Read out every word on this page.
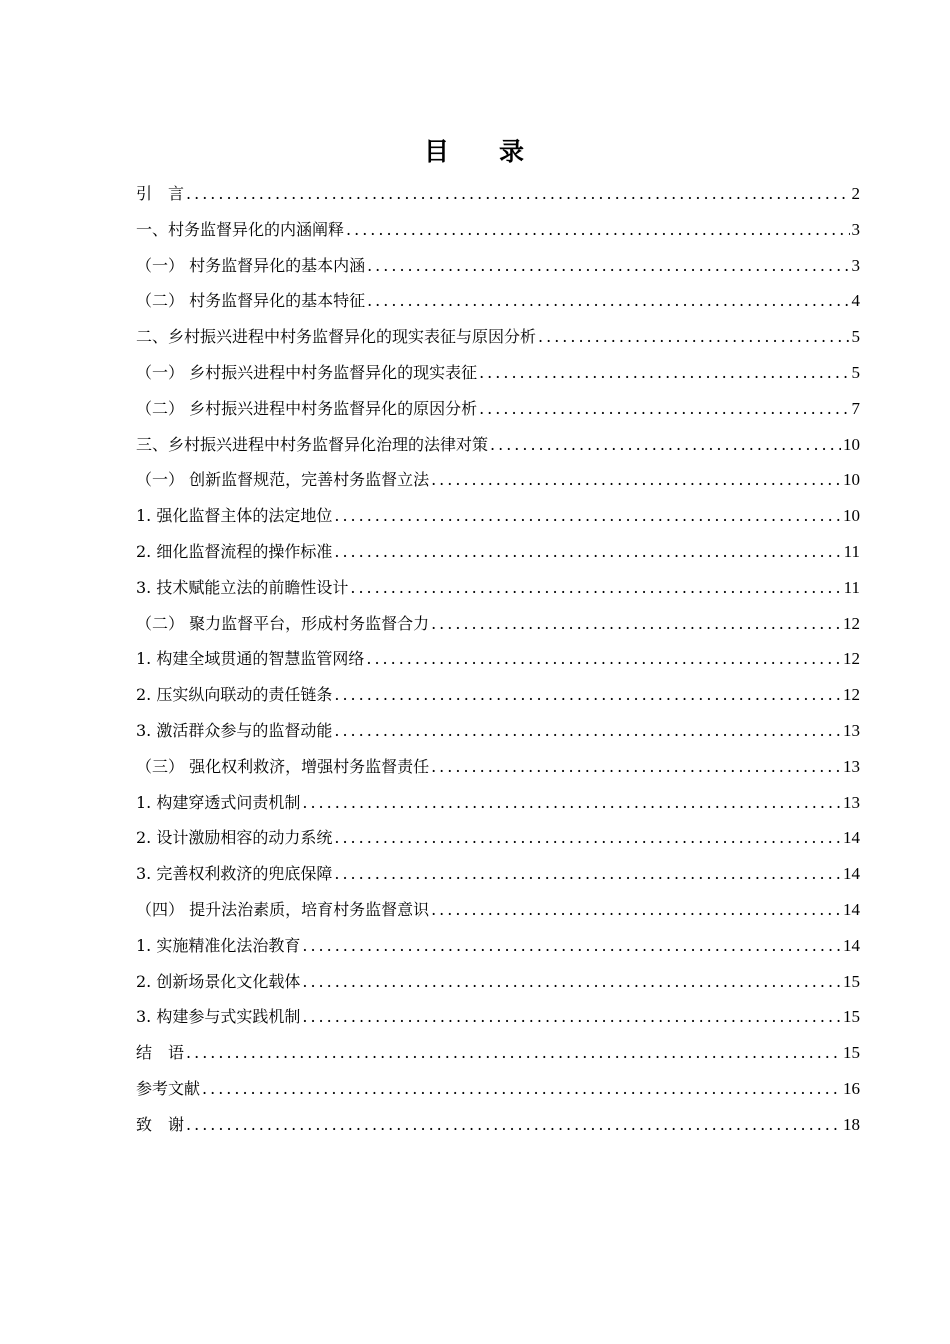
目 录
引　言 .....	2
一、村务监督异化的内涵阐释 .....	3
（一） 村务监督异化的基本内涵 .....	3
（二） 村务监督异化的基本特征 .....	4
二、乡村振兴进程中村务监督异化的现实表征与原因分析 .....	5
（一） 乡村振兴进程中村务监督异化的现实表征 .....	5
（二） 乡村振兴进程中村务监督异化的原因分析 .....	7
三、乡村振兴进程中村务监督异化治理的法律对策 .....	10
（一） 创新监督规范，完善村务监督立法 .....	10
1. 强化监督主体的法定地位 .....	10
2. 细化监督流程的操作标准 .....	11
3. 技术赋能立法的前瞻性设计 .....	11
（二） 聚力监督平台，形成村务监督合力 .....	12
1. 构建全域贯通的智慧监管网络 .....	12
2. 压实纵向联动的责任链条 .....	12
3. 激活群众参与的监督动能 .....	13
（三） 强化权利救济，增强村务监督责任 .....	13
1. 构建穿透式问责机制 .....	13
2. 设计激励相容的动力系统 .....	14
3. 完善权利救济的兜底保障 .....	14
（四） 提升法治素质，培育村务监督意识 .....	14
1. 实施精准化法治教育 .....	14
2. 创新场景化文化载体 .....	15
3. 构建参与式实践机制 .....	15
结　语 .....	15
参考文献 .....	16
致　谢 .....	18
